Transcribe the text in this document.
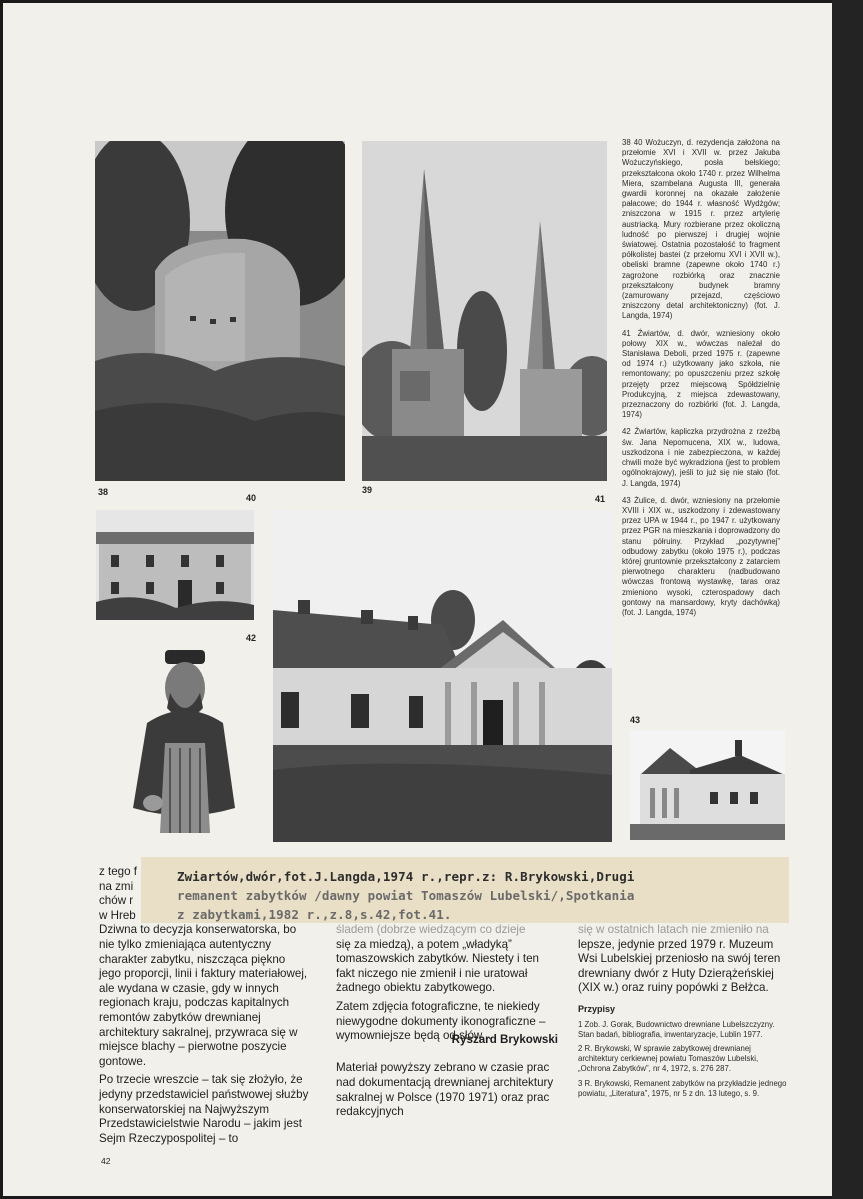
38
40
39
41
42
43

38 40 Wożuczyn, d. rezydencja założona na przełomie XVI i XVII w. przez Jakuba Wożuczyńskiego, posła bełskiego; przekształcona około 1740 r. przez Wilhelma Miera, szambelana Augusta III, generała gwardii koronnej na okazałe założenie pałacowe; do 1944 r. własność Wydżgów; zniszczona w 1915 r. przez artylerię austriacką. Mury rozbierane przez okoliczną ludność po pierwszej i drugiej wojnie światowej. Ostatnia pozostałość to fragment półkolistej bastei (z przełomu XVI i XVII w.), obeliski bramne (zapewne około 1740 r.) zagrożone rozbiórką oraz znacznie przekształcony budynek bramny (zamurowany przejazd, częściowo zniszczony detal architektoniczny) (fot. J. Langda, 1974)

41 Źwiartów, d. dwór, wzniesiony około połowy XIX w., wówczas należał do Stanisława Deboli, przed 1975 r. (zapewne od 1974 r.) użytkowany jako szkoła, nie remontowany; po opuszczeniu przez szkołę przejęty przez miejscową Spółdzielnię Produkcyjną, z miejsca zdewastowany, przeznaczony do rozbiórki (fot. J. Langda, 1974)

42 Źwiartów, kapliczka przydrożna z rzeźbą św. Jana Nepomucena, XIX w., ludowa, uszkodzona i nie zabezpieczona, w każdej chwili może być wykradziona (jest to problem ogólnokrajowy), jeśli to już się nie stało (fot. J. Langda, 1974)

43 Żulice, d. dwór, wzniesiony na przełomie XVIII i XIX w., uszkodzony i zdewastowany przez UPA w 1944 r., po 1947 r. użytkowany przez PGR na mieszkania i doprowadzony do stanu półruiny. Przykład „pozytywnej” odbudowy zabytku (około 1975 r.), podczas której gruntownie przekształcony z zatarciem pierwotnego charakteru (nadbudowano wówczas frontową wystawkę, taras oraz zmieniono wysoki, czterospadowy dach gontowy na mansardowy, kryty dachówką) (fot. J. Langda, 1974)

z tego f
na zmi
chów r
w Hreb

Dziwna to decyzja konserwatorska, bo nie tylko zmieniająca autentyczny charakter zabytku, niszcząca piękno jego proporcji, linii i faktury materiałowej, ale wydana w czasie, gdy w innych regionach kraju, podczas kapitalnych remontów zabytków drewnianej architektury sakralnej, przywraca się w miejsce blachy – pierwotne poszycie gontowe.

Po trzecie wreszcie – tak się złożyło, że jedyny przedstawiciel państwowej służby konserwatorskiej na Najwyższym Przedstawicielstwie Narodu – jakim jest Sejm Rzeczypospolitej – to

śladem (dobrze wiedzącym co dzieje

się za miedzą), a potem „władyką” tomaszowskich zabytków. Niestety i ten fakt niczego nie zmienił i nie uratował żadnego obiektu zabytkowego.

Zatem zdjęcia fotograficzne, te niekiedy niewygodne dokumenty ikonograficzne – wymowniejsze będą od słów...

Ryszard Brykowski

Materiał powyższy zebrano w czasie prac nad dokumentacją drewnianej architektury sakralnej w Polsce (1970 1971) oraz prac redakcyjnych

się w ostatnich latach nie zmieniło na

lepsze, jedynie przed 1979 r. Muzeum Wsi Lubelskiej przeniosło na swój teren drewniany dwór z Huty Dzierążeńskiej (XIX w.) oraz ruiny popówki z Bełżca.

Przypisy

1 Zob. J. Gorak, Budownictwo drewniane Lubelszczyzny. Stan badań, bibliografia, inwentaryzacje, Lublin 1977.

2 R. Brykowski, W sprawie zabytkowej drewnianej architektury cerkiewnej powiatu Tomaszów Lubelski, „Ochrona Zabytków”, nr 4, 1972, s. 276 287.

3 R. Brykowski, Remanent zabytków na przykładzie jednego powiatu, „Literatura”, 1975, nr 5 z dn. 13 lutego, s. 9.

Zwiartów,dwór,fot.J.Langda,1974 r.,repr.z: R.Brykowski,Drugi
remanent zabytków /dawny powiat Tomaszów Lubelski/,Spotkania
z zabytkami,1982 r.,z.8,s.42,fot.41.
42
